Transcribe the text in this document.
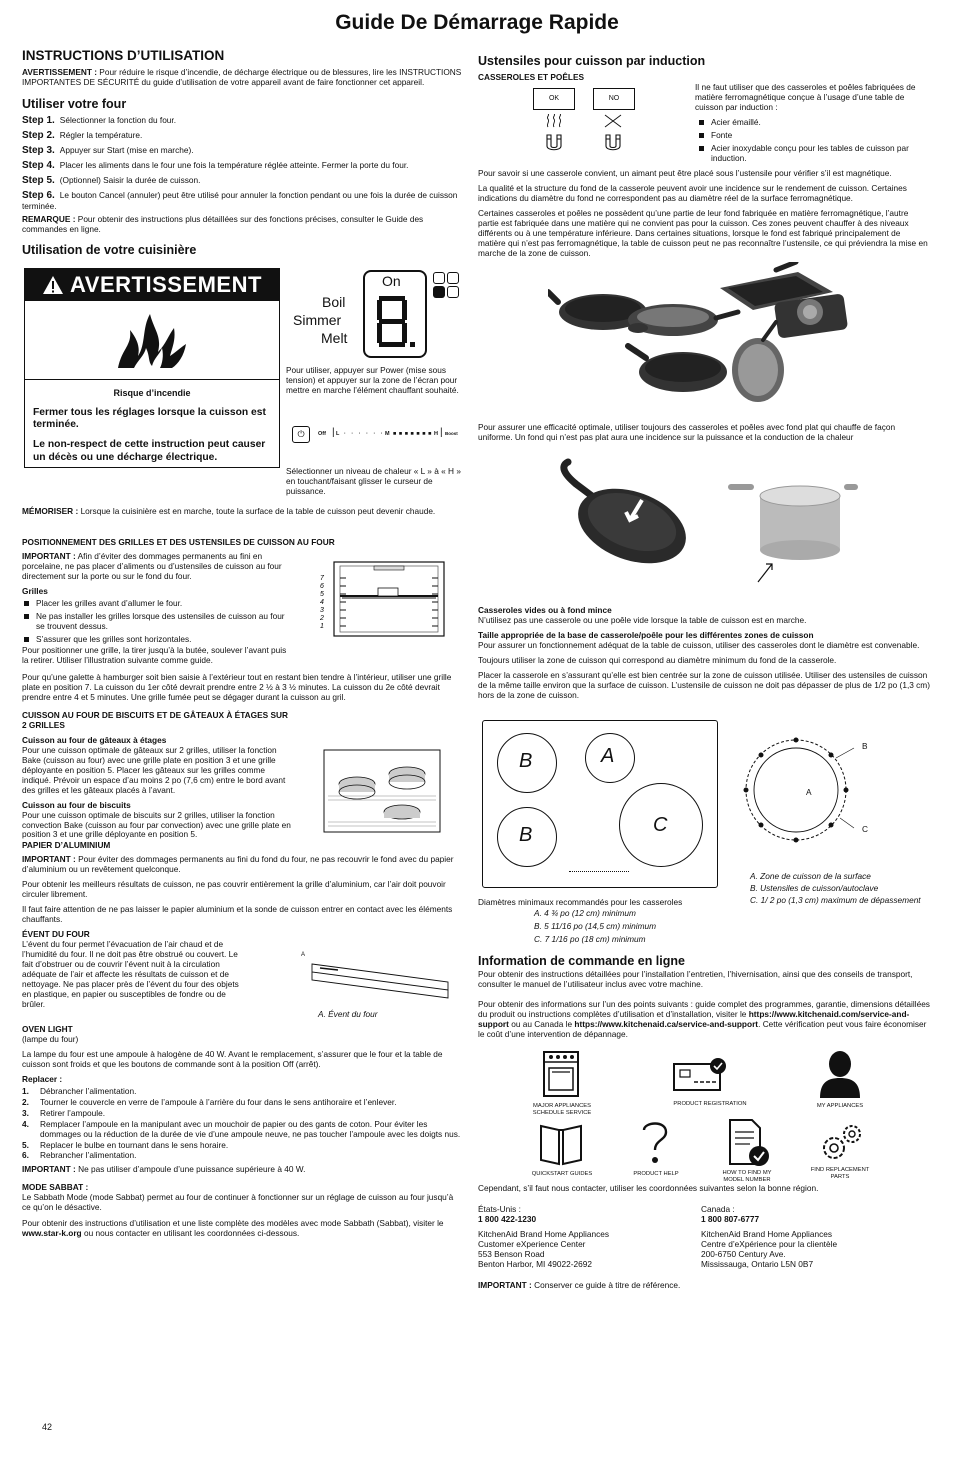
Guide De Démarrage Rapide
INSTRUCTIONS D’UTILISATION

AVERTISSEMENT : Pour réduire le risque d’incendie, de décharge électrique ou de blessures, lire les INSTRUCTIONS IMPORTANTES DE SÉCURITÉ du guide d’utilisation de votre appareil avant de faire fonctionner cet appareil.

Utiliser votre four
Step 1. Sélectionner la fonction du four.
Step 2. Régler la température.
Step 3. Appuyer sur Start (mise en marche).
Step 4. Placer les aliments dans le four une fois la température réglée atteinte. Fermer la porte du four.
Step 5. (Optionnel) Saisir la durée de cuisson.
Step 6. Le bouton Cancel (annuler) peut être utilisé pour annuler la fonction pendant ou une fois la durée de cuisson terminée.

REMARQUE : Pour obtenir des instructions plus détaillées sur des fonctions précises, consulter le Guide des commandes en ligne.

Utilisation de votre cuisinière
AVERTISSEMENT
Risque d’incendie
Fermer tous les réglages lorsque la cuisson est terminée.
Le non-respect de cette instruction peut causer un décès ou une décharge électrique.
Boil
Simmer
Melt
On
Pour utiliser, appuyer sur Power (mise sous tension) et appuyer sur la zone de l’écran pour mettre en marche l’élément chauffant souhaité.
⏻	Off | L · · · · · · M ■ ■ ■ ■ ■ ■ ■ H | Boost
Sélectionner un niveau de chaleur « L » à « H » en touchant/faisant glisser le curseur de puissance.
MÉMORISER : Lorsque la cuisinière est en marche, toute la surface de la table de cuisson peut devenir chaude.
POSITIONNEMENT DES GRILLES ET DES USTENSILES DE CUISSON AU FOUR

IMPORTANT : Afin d’éviter des dommages permanents au fini en porcelaine, ne pas placer d’aliments ou d’ustensiles de cuisson au four directement sur la porte ou sur le fond du four.

Grilles
Placer les grilles avant d’allumer le four.
Ne pas installer les grilles lorsque des ustensiles de cuisson au four se trouvent dessus.
S’assurer que les grilles sont horizontales.
Pour positionner une grille, la tirer jusqu’à la butée, soulever l’avant puis la retirer. Utiliser l’illustration suivante comme guide.
7
6
5
4
3
2
1
Pour qu’une galette à hamburger soit bien saisie à l’extérieur tout en restant bien tendre à l’intérieur, utiliser une grille plate en position 7. La cuisson du 1er côté devrait prendre entre 2 ½ à 3 ½ minutes. La cuisson du 2e côté devrait prendre entre 4 et 5 minutes. Une grille fumée peut se dégager durant la cuisson au gril.
CUISSON AU FOUR DE BISCUITS ET DE GÂTEAUX À ÉTAGES SUR 2 GRILLES
Cuisson au four de gâteaux à étages

Pour une cuisson optimale de gâteaux sur 2 grilles, utiliser la fonction Bake (cuisson au four) avec une grille plate en position 3 et une grille déployante en position 5. Placer les gâteaux sur les grilles comme indiqué. Prévoir un espace d’au moins 2 po (7,6 cm) entre le bord avant des grilles et les gâteaux placés à l’avant.

Cuisson au four de biscuits

Pour une cuisson optimale de biscuits sur 2 grilles, utiliser la fonction convection Bake (cuisson au four par convection) avec une grille plate en position 3 et une grille déployante en position 5.

PAPIER D’ALUMINIUM

IMPORTANT : Pour éviter des dommages permanents au fini du fond du four, ne pas recouvrir le fond avec du papier d’aluminium ou un revêtement quelconque.

Pour obtenir les meilleurs résultats de cuisson, ne pas couvrir entièrement la grille d’aluminium, car l’air doit pouvoir circuler librement.

Il faut faire attention de ne pas laisser le papier aluminium et la sonde de cuisson entrer en contact avec les éléments chauffants.

ÉVENT DU FOUR

L’évent du four permet l’évacuation de l’air chaud et de l’humidité du four. Il ne doit pas être obstrué ou couvert. Le fait d’obstruer ou de couvrir l’évent nuit à la circulation adéquate de l’air et affecte les résultats de cuisson et de nettoyage. Ne pas placer près de l’évent du four des objets en plastique, en papier ou susceptibles de fondre ou de brûler.

A
A. Évent du four
OVEN LIGHT

(lampe du four)

La lampe du four est une ampoule à halogène de 40 W. Avant le remplacement, s’assurer que le four et la table de cuisson sont froids et que les boutons de commande sont à la position Off (arrêt).

Replacer :
1. Débrancher l’alimentation.
2. Tourner le couvercle en verre de l’ampoule à l’arrière du four dans le sens antihoraire et l’enlever.
3. Retirer l’ampoule.
4. Remplacer l’ampoule en la manipulant avec un mouchoir de papier ou des gants de coton. Pour éviter les dommages ou la réduction de la durée de vie d’une ampoule neuve, ne pas toucher l’ampoule avec les doigts nus.
5. Replacer le bulbe en tournant dans le sens horaire.
6. Rebrancher l’alimentation.

IMPORTANT : Ne pas utiliser d’ampoule d’une puissance supérieure à 40 W.

MODE SABBAT :

Le Sabbath Mode (mode Sabbat) permet au four de continuer à fonctionner sur un réglage de cuisson au four jusqu’à ce qu’on le désactive.

Pour obtenir des instructions d’utilisation et une liste complète des modèles avec mode Sabbath (Sabbat), visiter le www.star-k.org ou nous contacter en utilisant les coordonnées ci-dessous.

42
Ustensiles pour cuisson par induction
CASSEROLES ET POÊLES
OK	NO

Il ne faut utiliser que des casseroles et poêles fabriquées de matière ferromagnétique conçue à l’usage d’une table de cuisson par induction :

Acier émaillé.
Fonte
Acier inoxydable conçu pour les tables de cuisson par induction.

Pour savoir si une casserole convient, un aimant peut être placé sous l’ustensile pour vérifier s’il est magnétique.

La qualité et la structure du fond de la casserole peuvent avoir une incidence sur le rendement de cuisson. Certaines indications du diamètre du fond ne correspondent pas au diamètre réel de la surface ferromagnétique.

Certaines casseroles et poêles ne possèdent qu’une partie de leur fond fabriquée en matière ferromagnétique, l’autre partie est fabriquée dans une matière qui ne convient pas pour la cuisson. Ces zones peuvent chauffer à des niveaux différents ou à une température inférieure. Dans certaines situations, lorsque le fond est fabriqué principalement de matière qui n’est pas ferromagnétique, la table de cuisson peut ne pas reconnaître l’ustensile, ce qui préviendra la mise en marche de la zone de cuisson.

Pour assurer une efficacité optimale, utiliser toujours des casseroles et poêles avec fond plat qui chauffe de façon uniforme. Un fond qui n’est pas plat aura une incidence sur la puissance et la conduction de la chaleur
Casseroles vides ou à fond mince

N’utilisez pas une casserole ou une poêle vide lorsque la table de cuisson est en marche.

Taille appropriée de la base de casserole/poêle pour les différentes zones de cuisson

Pour assurer un fonctionnement adéquat de la table de cuisson, utiliser des casseroles dont le diamètre est convenable.

Toujours utiliser la zone de cuisson qui correspond au diamètre minimum du fond de la casserole.

Placer la casserole en s’assurant qu’elle est bien centrée sur la zone de cuisson utilisée. Utiliser des ustensiles de cuisson de la même taille environ que la surface de cuisson. L’ustensile de cuisson ne doit pas dépasser de plus de 1/2 po (1,3 cm) hors de la zone de cuisson.

B	A
B	C
Diamètres minimaux recommandés pour les casseroles
A. 4 ¾ po (12 cm) minimum
B. 5 11/16 po (14,5 cm) minimum
C. 7 1/16 po (18 cm) minimum
B
A
C
A. Zone de cuisson de la surface
B. Ustensiles de cuisson/autoclave
C. 1/ 2 po (1,3 cm) maximum de dépassement
Information de commande en ligne

Pour obtenir des instructions détaillées pour l’installation l’entretien, l’hivernisation, ainsi que des conseils de transport, consulter le manuel de l’utilisateur inclus avec votre machine.

Pour obtenir des informations sur l’un des points suivants : guide complet des programmes, garantie, dimensions détaillées du produit ou instructions complètes d’utilisation et d’installation, visiter le https://www.kitchenaid.com/service-and-support ou au Canada le https://www.kitchenaid.ca/service-and-support. Cette vérification peut vous faire économiser le coût d’une intervention de dépannage.

MAJOR APPLIANCES SCHEDULE SERVICE
PRODUCT REGISTRATION	MY APPLIANCES
QUICKSTART GUIDES	PRODUCT HELP	HOW TO FIND MY MODEL NUMBER
FIND REPLACEMENT PARTS
Cependant, s’il faut nous contacter, utiliser les coordonnées suivantes selon la bonne région.
États-Unis :
1 800 422-1230
KitchenAid Brand Home Appliances
Customer eXperience Center
553 Benson Road
Benton Harbor, MI 49022-2692
Canada :
1 800 807-6777
KitchenAid Brand Home Appliances
Centre d’eXpérience pour la clientèle
200-6750 Century Ave.
Mississauga, Ontario L5N 0B7
IMPORTANT : Conserver ce guide à titre de référence.
